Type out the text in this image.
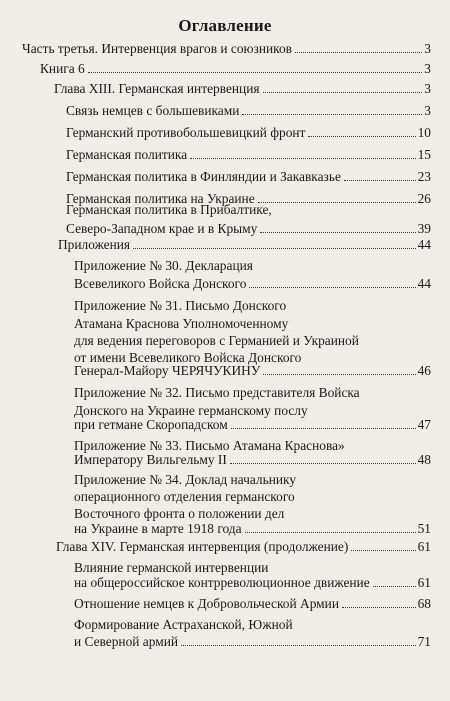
Оглавление
Часть третья. Интервенция врагов и союзников	3
Книга 6	3
Глава XIII. Германская интервенция	3
Связь немцев с большевиками	3
Германский противобольшевицкий фронт	10
Германская политика	15
Германская политика в Финляндии и Закавказье	23
Германская политика на Украине	26
Германская политика в Прибалтике,
Северо-Западном крае и в Крыму	39
Приложения	44
Приложение № 30. Декларация
Всевеликого Войска Донского	44
Приложение № 31. Письмо Донского
Атамана Краснова Уполномоченному
для ведения переговоров с Германией и Украиной
от имени Всевеликого Войска Донского
Генерал-Майору ЧЕРЯЧУКИНУ	46
Приложение № 32. Письмо представителя Войска
Донского на Украине германскому послу
при гетмане Скоропадском	47
Приложение № 33. Письмо Атамана Краснова»
Императору Вильгельму II	48
Приложение № 34. Доклад начальнику
операционного отделения германского
Восточного фронта о положении дел
на Украине в марте 1918 года	51
Глава XIV. Германская интервенция (продолжение)	61
Влияние германской интервенции
на общероссийское контрреволюционное движение	61
Отношение немцев к Добровольческой Армии	68
Формирование Астраханской, Южной
и Северной армий	71
